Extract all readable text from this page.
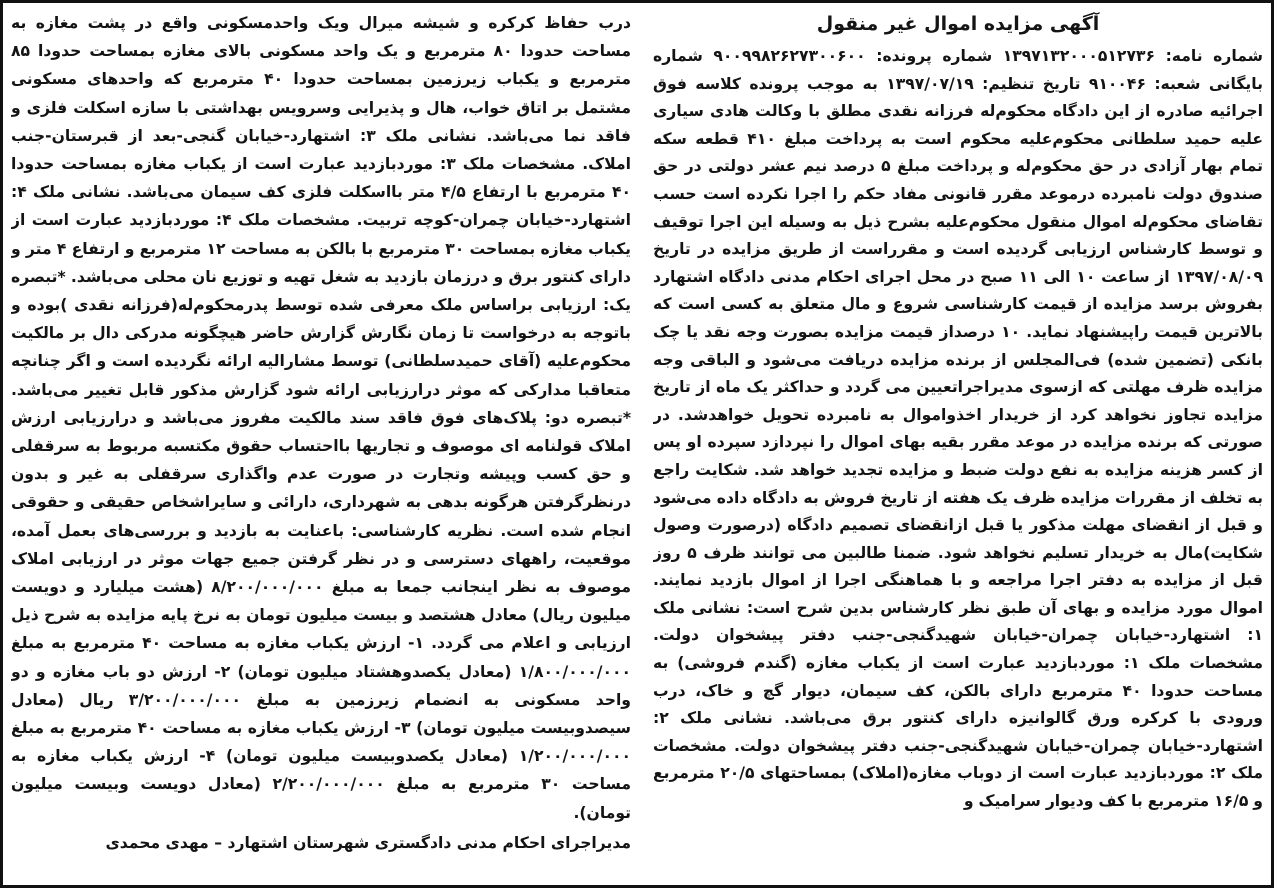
آگهی مزایده اموال غیر منقول

شماره نامه: ۱۳۹۷۱۳۲۰۰۰۵۱۲۷۳۶ شماره پرونده: ۹۰۰۹۹۸۲۶۲۷۳۰۰۶۰۰ شماره بایگانی شعبه: ۹۱۰۰۴۶ تاریخ تنظیم: ۱۳۹۷/۰۷/۱۹ به موجب پرونده کلاسه فوق اجرائیه صادره از این دادگاه محکوم‌له فرزانه نقدی مطلق با وکالت هادی سیاری علیه حمید سلطانی محکوم‌علیه محکوم است به پرداخت مبلغ ۴۱۰ قطعه سکه تمام بهار آزادی در حق محکوم‌له و پرداخت مبلغ ۵ درصد نیم عشر دولتی در حق صندوق دولت نامبرده درموعد مقرر قانونی مفاد حکم را اجرا نکرده است حسب تقاضای محکوم‌له اموال منقول محکوم‌علیه بشرح ذیل به وسیله این اجرا توقیف و توسط کارشناس ارزیابی گردیده است و مقرراست از طریق مزایده در تاریخ ۱۳۹۷/۰۸/۰۹ از ساعت ۱۰ الی ۱۱ صبح در محل اجرای احکام مدنی دادگاه اشتهارد بفروش برسد مزایده از قیمت کارشناسی شروع و مال متعلق به کسی است که بالاترین قیمت راپیشنهاد نماید. ۱۰ درصداز قیمت مزایده بصورت وجه نقد یا چک بانکی (تضمین شده) فی‌المجلس از برنده مزایده دریافت می‌شود و الباقی وجه مزایده ظرف مهلتی که ازسوی مدیراجراتعیین می گردد و حداکثر یک ماه از تاریخ مزایده تجاوز نخواهد کرد از خریدار اخذواموال به نامبرده تحویل خواهدشد. در صورتی که برنده مزایده در موعد مقرر بقیه بهای اموال را نپردازد سپرده او پس از کسر هزینه مزایده به نفع دولت ضبط و مزایده تجدید خواهد شد. شکایت راجع به تخلف از مقررات مزایده ظرف یک هفته از تاریخ فروش به دادگاه داده می‌شود و قبل از انقضای مهلت مذکور یا قبل ازانقضای تصمیم دادگاه (درصورت وصول شکایت)مال به خریدار تسلیم نخواهد شود. ضمنا طالبین می توانند ظرف ۵ روز قبل از مزایده به دفتر اجرا مراجعه و با هماهنگی اجرا از اموال بازدید نمایند. اموال مورد مزایده و بهای آن طبق نظر کارشناس بدین شرح است: نشانی ملک ۱: اشتهارد-خیابان چمران-خیابان شهیدگنجی-جنب دفتر پیشخوان دولت. مشخصات ملک ۱: موردبازدید عبارت است از یکباب مغازه (گندم فروشی) به مساحت حدودا ۴۰ مترمربع دارای بالکن، کف سیمان، دیوار گچ و خاک، درب ورودی با کرکره ورق گالوانیزه دارای کنتور برق می‌باشد. نشانی ملک ۲: اشتهارد-خیابان چمران-خیابان شهیدگنجی-جنب دفتر پیشخوان دولت. مشخصات ملک ۲: موردبازدید عبارت است از دوباب مغازه(املاک) بمساحتهای ۲۰/۵ مترمربع و ۱۶/۵ مترمربع با کف ودیوار سرامیک و

درب حفاظ کرکره و شیشه میرال ویک واحدمسکونی واقع در پشت مغازه به مساحت حدودا ۸۰ مترمربع و یک واحد مسکونی بالای مغازه بمساحت حدودا ۸۵ مترمربع و یکباب زیرزمین بمساحت حدودا ۴۰ مترمربع که واحدهای مسکونی مشتمل بر اتاق خواب، هال و پذیرایی وسرویس بهداشتی با سازه اسکلت فلزی و فاقد نما می‌باشد. نشانی ملک ۳: اشتهارد-خیابان گنجی-بعد از قبرستان-جنب املاک. مشخصات ملک ۳: موردبازدید عبارت است از یکباب مغازه بمساحت حدودا ۴۰ مترمربع با ارتفاع ۴/۵ متر بااسکلت فلزی کف سیمان می‌باشد. نشانی ملک ۴: اشتهارد-خیابان چمران-کوچه تربیت. مشخصات ملک ۴: موردبازدید عبارت است از یکباب مغازه بمساحت ۳۰ مترمربع با بالکن به مساحت ۱۲ مترمربع و ارتفاع ۴ متر و دارای کنتور برق و درزمان بازدید به شغل تهیه و توزیع نان محلی می‌باشد. *تبصره یک: ارزیابی براساس ملک معرفی شده توسط پدرمحکوم‌له(فرزانه نقدی )بوده و باتوجه به درخواست تا زمان نگارش گزارش حاضر هیچگونه مدرکی دال بر مالکیت محکوم‌علیه (آقای حمیدسلطانی) توسط مشارالیه ارائه نگردیده است و اگر چنانچه متعاقبا مدارکی که موثر درارزیابی ارائه شود گزارش مذکور قابل تغییر می‌باشد. *تبصره دو: پلاک‌های فوق فاقد سند مالکیت مفروز می‌باشد و درارزیابی ارزش املاک قولنامه ای موصوف و تجاریها بااحتساب حقوق مکتسبه مربوط به سرقفلی و حق کسب وپیشه وتجارت در صورت عدم واگذاری سرقفلی به غیر و بدون درنظرگرفتن هرگونه بدهی به شهرداری، دارائی و سایراشخاص حقیقی و حقوقی انجام شده است. نظریه کارشناسی: باعنایت به بازدید و بررسی‌های بعمل آمده، موقعیت، راههای دسترسی و در نظر گرفتن جمیع جهات موثر در ارزیابی املاک موصوف به نظر اینجانب جمعا به مبلغ ۸/۲۰۰/۰۰۰/۰۰۰ (هشت میلیارد و دویست میلیون ریال) معادل هشتصد و بیست میلیون تومان به نرخ پایه مزایده به شرح ذیل ارزیابی و اعلام می گردد. ۱- ارزش یکباب مغازه به مساحت ۴۰ مترمربع به مبلغ ۱/۸۰۰/۰۰۰/۰۰۰ (معادل یکصدوهشتاد میلیون تومان) ۲- ارزش دو باب مغازه و دو واحد مسکونی به انضمام زیرزمین به مبلغ ۳/۲۰۰/۰۰۰/۰۰۰ ریال (معادل سیصدوبیست میلیون تومان) ۳- ارزش یکباب مغازه به مساحت ۴۰ مترمربع به مبلغ ۱/۲۰۰/۰۰۰/۰۰۰ (معادل یکصدوبیست میلیون تومان) ۴- ارزش یکباب مغازه به مساحت ۳۰ مترمربع به مبلغ ۲/۲۰۰/۰۰۰/۰۰۰ (معادل دویست وبیست میلیون تومان).

مدیراجرای احکام مدنی دادگستری شهرستان اشتهارد – مهدی محمدی
